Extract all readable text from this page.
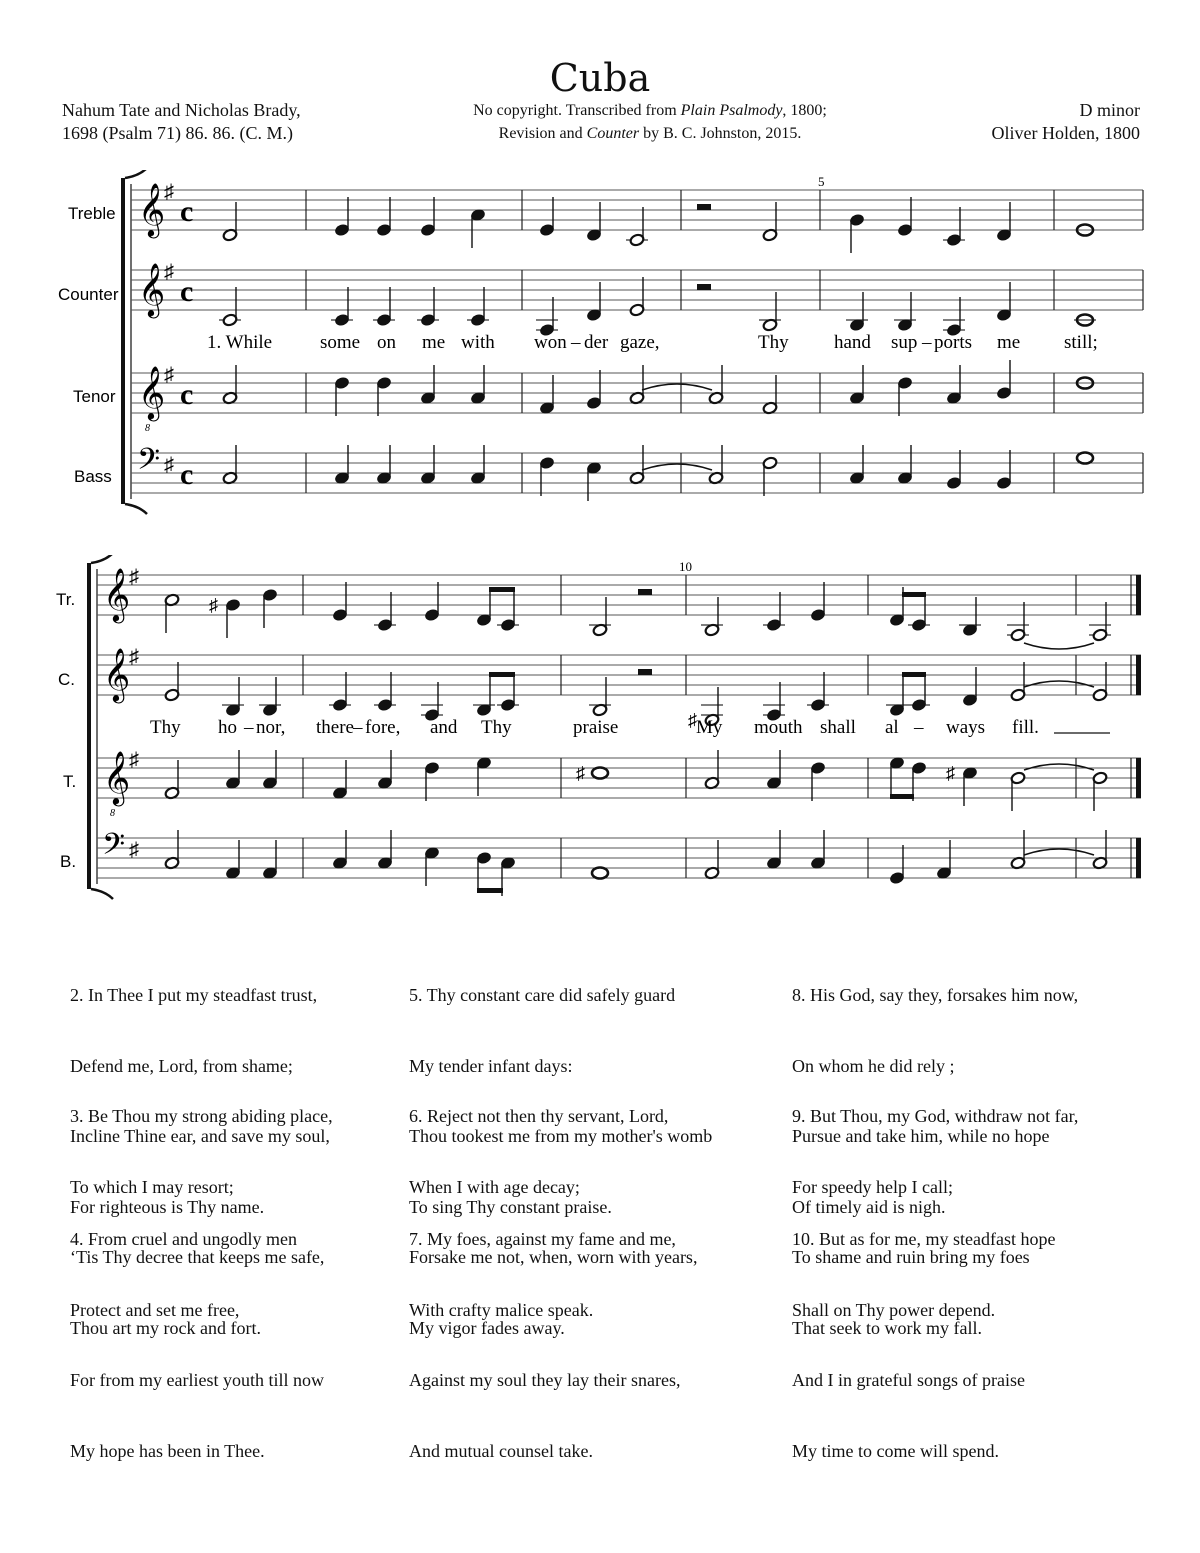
Cuba
Nahum Tate and Nicholas Brady,
1698 (Psalm 71) 86. 86. (C. M.)
No copyright. Transcribed from Plain Psalmody, 1800;
Revision and Counter by B. C. Johnston, 2015.
D minor
Oliver Holden, 1800
Treble
Counter
Tenor
Bass
5
𝄞
𝄞
𝄞
8
𝄢
♯
♯
♯
♯
c
c
c
c
1. While	some on me with won – der gaze,	Thy hand sup – ports me still;
Tr.
C.
T.
B.
10
𝄞
𝄞
𝄞
8
𝄢
♯
♯
♯
♯
♯
♯
♯	♯
Thy ho – nor, there – fore, and Thy	praise	My mouth shall al – ways fill.

2. In Thee I put my steadfast trust,

Defend me, Lord, from shame;

Incline Thine ear, and save my soul,

For righteous is Thy name.

3. Be Thou my strong abiding place,

To which I may resort;

‘Tis Thy decree that keeps me safe,

Thou art my rock and fort.

4. From cruel and ungodly men

Protect and set me free,

For from my earliest youth till now

My hope has been in Thee.

5. Thy constant care did safely guard

My tender infant days:

Thou tookest me from my mother's womb

To sing Thy constant praise.

6. Reject not then thy servant, Lord,

When I with age decay;

Forsake me not, when, worn with years,

My vigor fades away.

7. My foes, against my fame and me,

With crafty malice speak.

Against my soul they lay their snares,

And mutual counsel take.

8. His God, say they, forsakes him now,

On whom he did rely ;

Pursue and take him, while no hope

Of timely aid is nigh.

9. But Thou, my God, withdraw not far,

For speedy help I call;

To shame and ruin bring my foes

That seek to work my fall.

10. But as for me, my steadfast hope

Shall on Thy power depend.

And I in grateful songs of praise

My time to come will spend.
